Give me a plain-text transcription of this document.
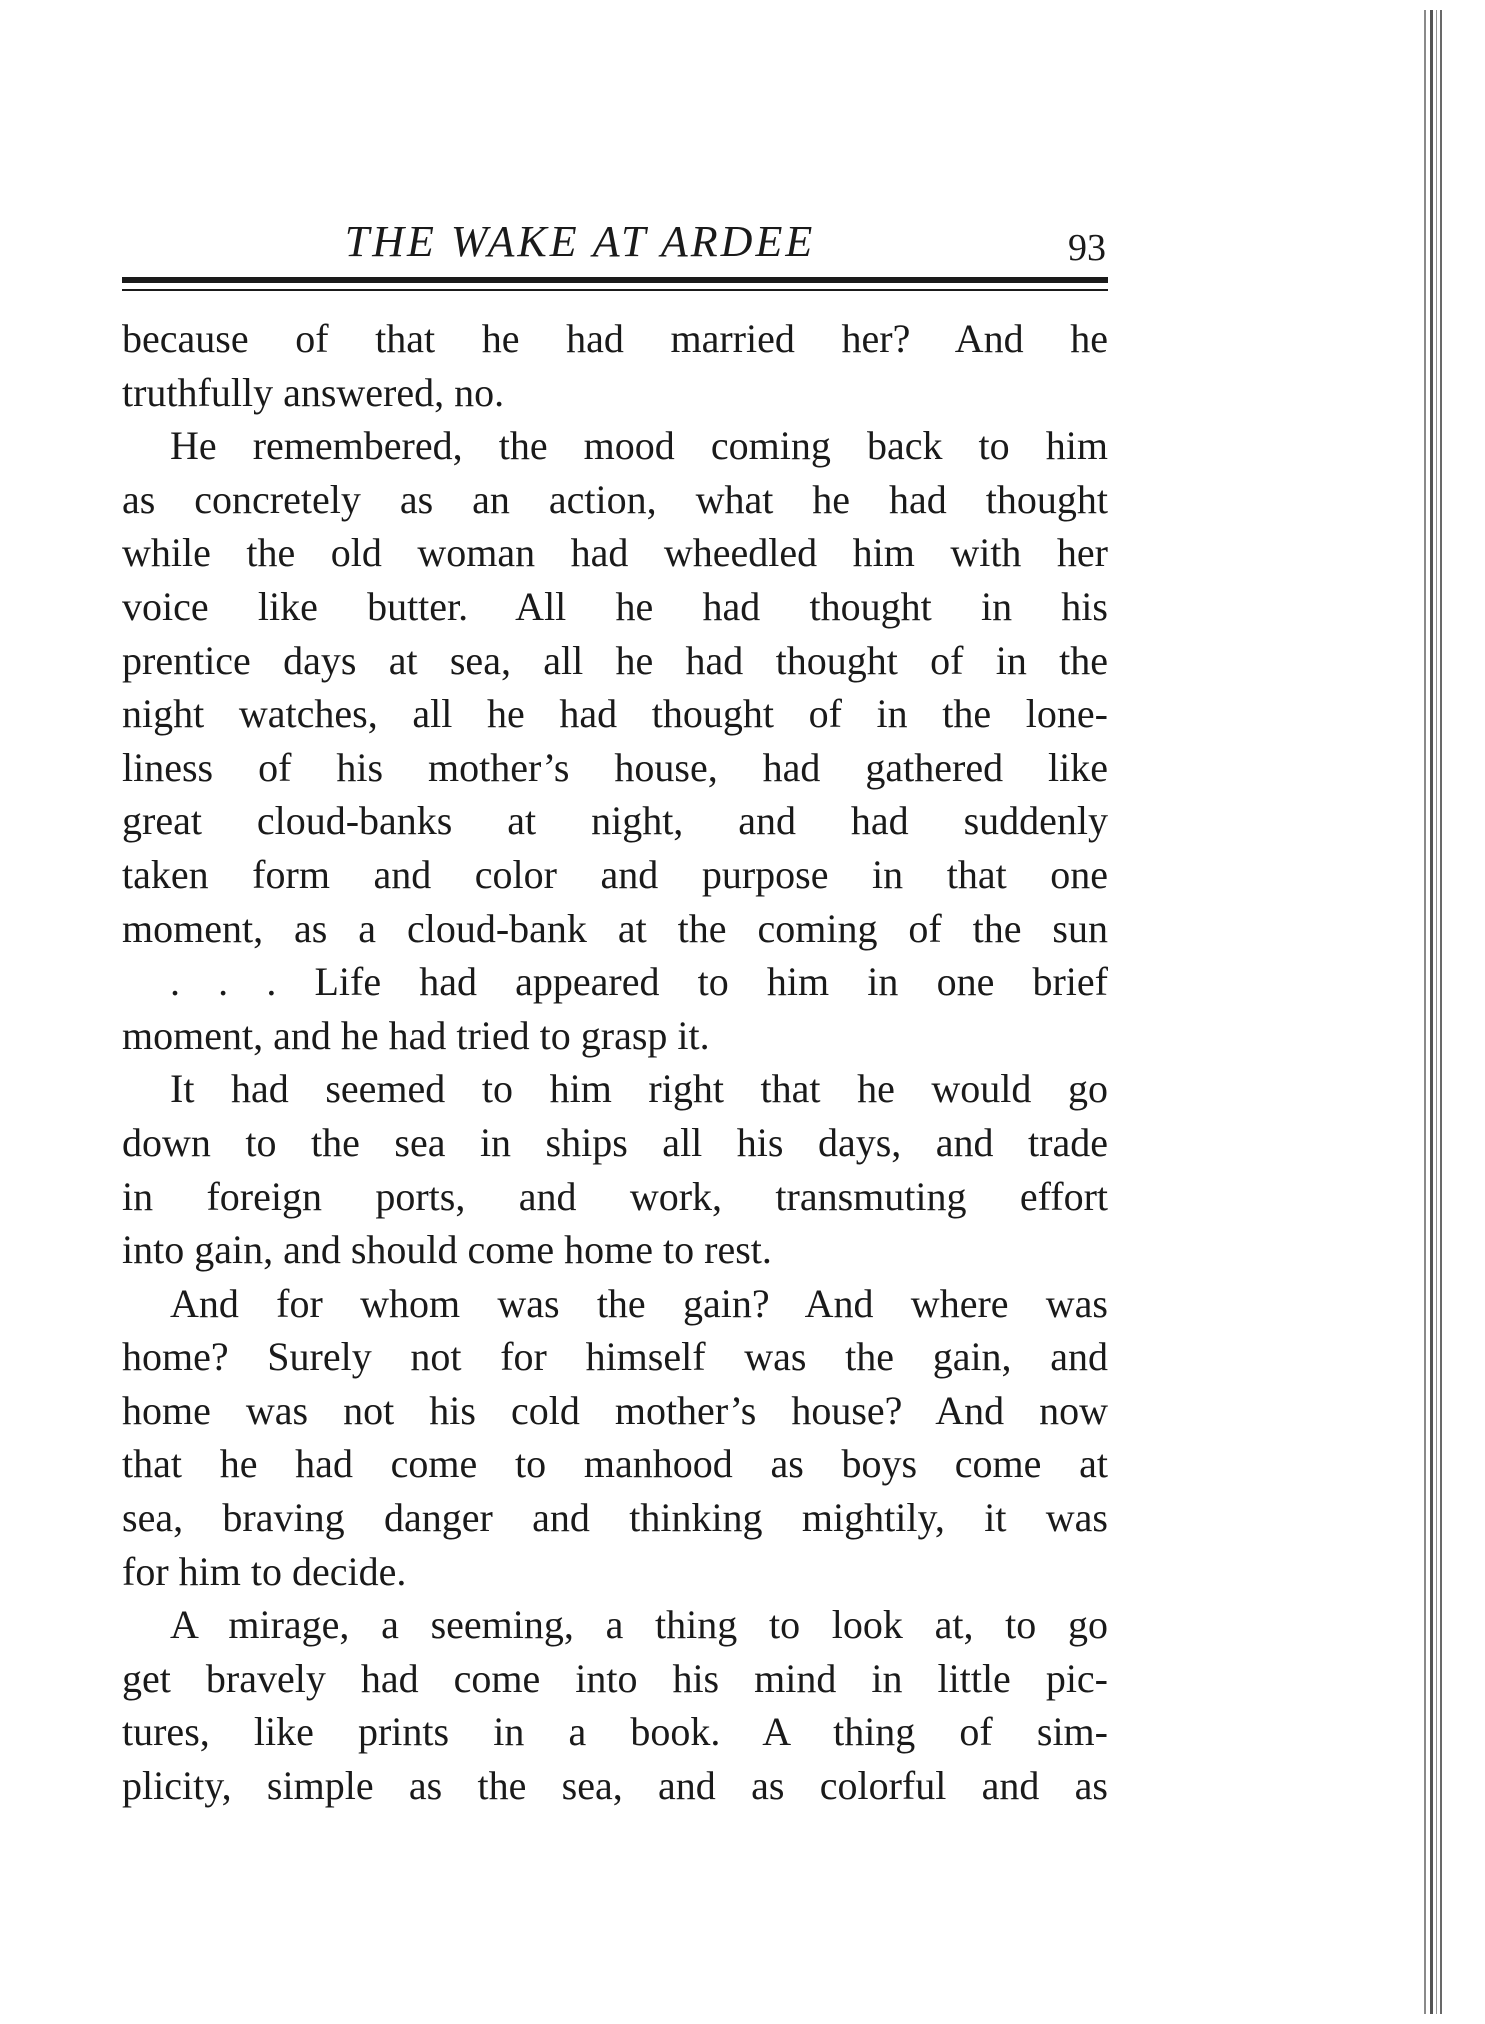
THE WAKE AT ARDEE	93
because of that he had married her? And he
truthfully answered, no.
He remembered, the mood coming back to him
as concretely as an action, what he had thought
while the old woman had wheedled him with her
voice like butter. All he had thought in his
prentice days at sea, all he had thought of in the
night watches, all he had thought of in the lone-
liness of his mother’s house, had gathered like
great cloud-banks at night, and had suddenly
taken form and color and purpose in that one
moment, as a cloud-bank at the coming of the sun
. . . Life had appeared to him in one brief
moment, and he had tried to grasp it.
It had seemed to him right that he would go
down to the sea in ships all his days, and trade
in foreign ports, and work, transmuting effort
into gain, and should come home to rest.
And for whom was the gain? And where was
home? Surely not for himself was the gain, and
home was not his cold mother’s house? And now
that he had come to manhood as boys come at
sea, braving danger and thinking mightily, it was
for him to decide.
A mirage, a seeming, a thing to look at, to go
get bravely had come into his mind in little pic-
tures, like prints in a book. A thing of sim-
plicity, simple as the sea, and as colorful and as
